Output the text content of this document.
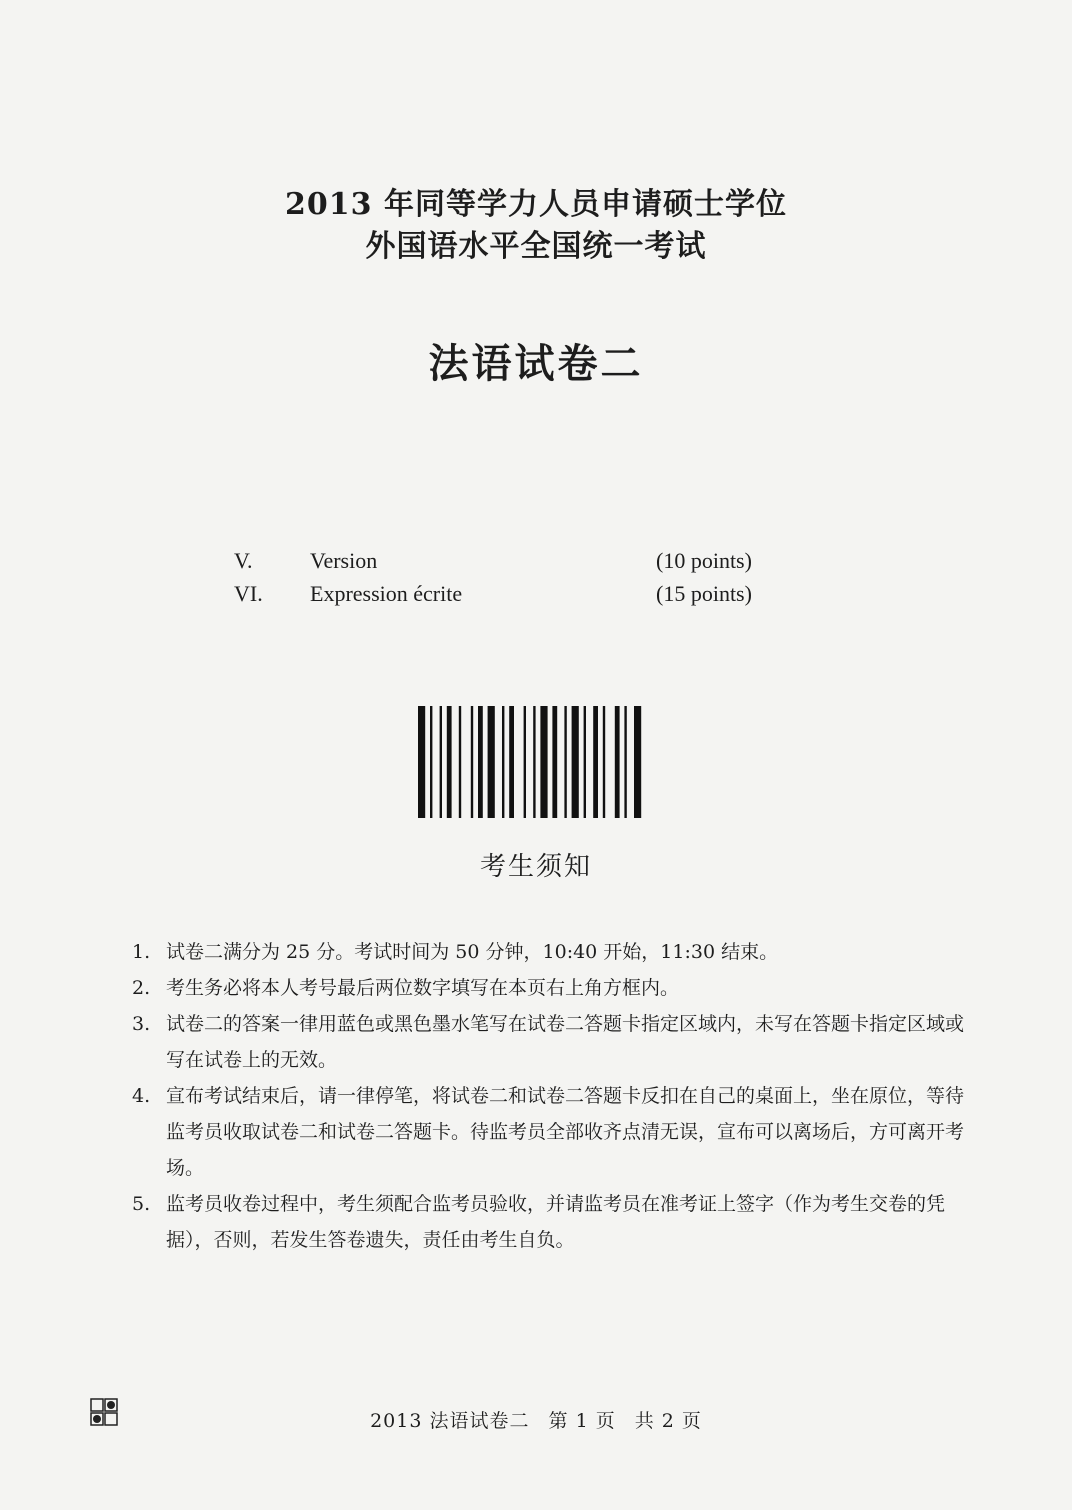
2013 年同等学力人员申请硕士学位
外国语水平全国统一考试
法语试卷二
V.	Version	(10 points)
VI. Expression écrite	(15 points)
考生须知
1. 试卷二满分为 25 分。考试时间为 50 分钟，10:40 开始，11:30 结束。
2. 考生务必将本人考号最后两位数字填写在本页右上角方框内。
3. 试卷二的答案一律用蓝色或黑色墨水笔写在试卷二答题卡指定区域内，未写在答题卡指定区域或写在试卷上的无效。
4. 宣布考试结束后，请一律停笔，将试卷二和试卷二答题卡反扣在自己的桌面上，坐在原位，等待监考员收取试卷二和试卷二答题卡。待监考员全部收齐点清无误，宣布可以离场后，方可离开考场。
5. 监考员收卷过程中，考生须配合监考员验收，并请监考员在准考证上签字（作为考生交卷的凭据），否则，若发生答卷遗失，责任由考生自负。
2013 法语试卷二 第 1 页 共 2 页
